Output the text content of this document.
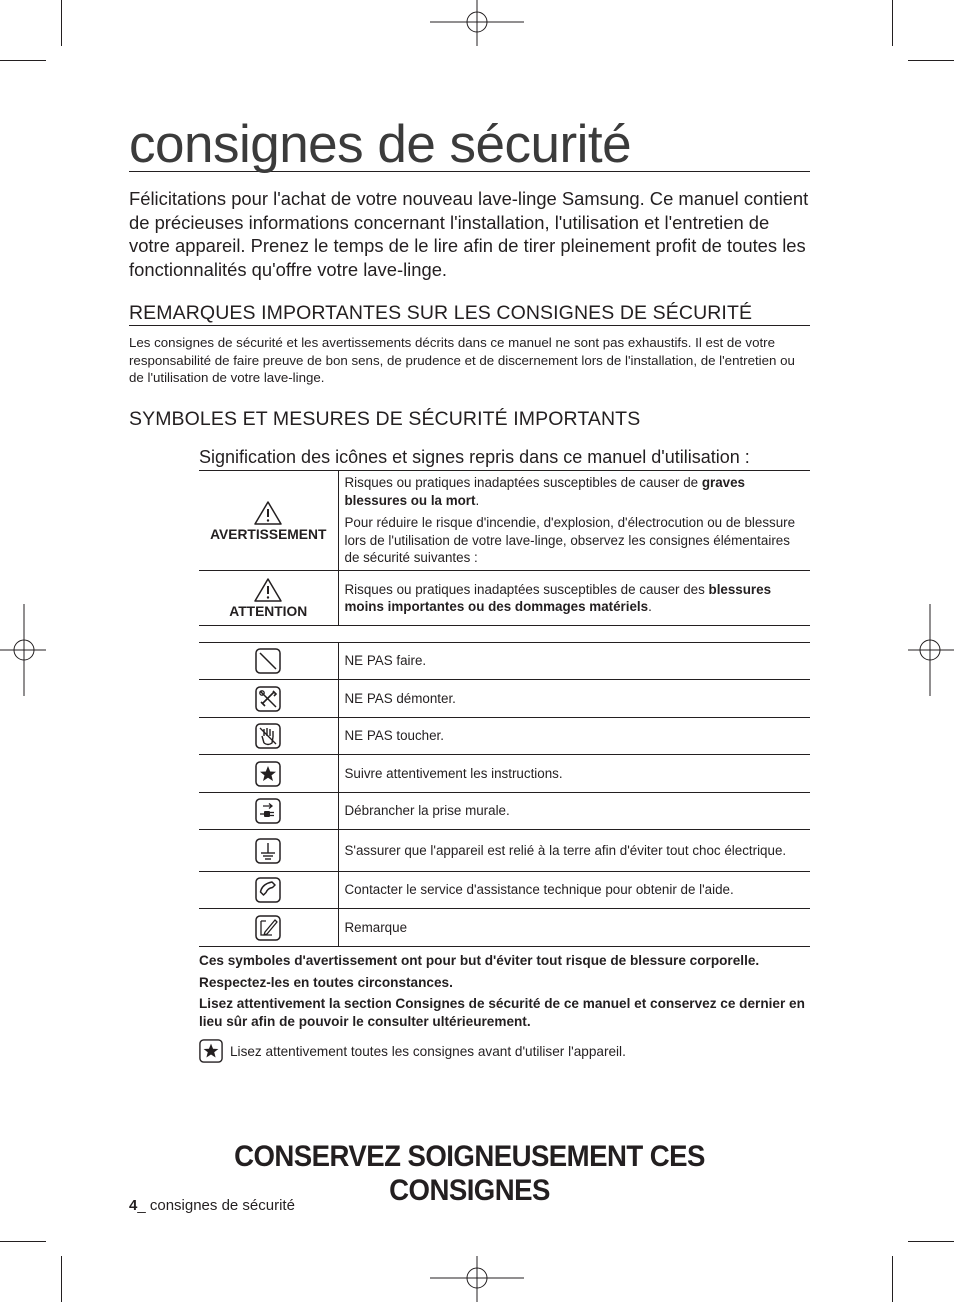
consignes de sécurité

Félicitations pour l'achat de votre nouveau lave-linge Samsung. Ce manuel contient de précieuses informations concernant l'installation, l'utilisation et l'entretien de votre appareil. Prenez le temps de le lire afin de tirer pleinement profit de toutes les fonctionnalités qu'offre votre lave-linge.

REMARQUES IMPORTANTES SUR LES CONSIGNES DE SÉCURITÉ

Les consignes de sécurité et les avertissements décrits dans ce manuel ne sont pas exhaustifs. Il est de votre responsabilité de faire preuve de bon sens, de prudence et de discernement lors de l'installation, de l'entretien ou de l'utilisation de votre lave-linge.

SYMBOLES ET MESURES DE SÉCURITÉ IMPORTANTS

Signification des icônes et signes repris dans ce manuel d'utilisation :

AVERTISSEMENT	Risques ou pratiques inadaptées susceptibles de causer de graves blessures ou la mort.

Pour réduire le risque d'incendie, d'explosion, d'électrocution ou de blessure lors de l'utilisation de votre lave-linge, observez les consignes élémentaires de sécurité suivantes :

ATTENTION	Risques ou pratiques inadaptées susceptibles de causer des blessures moins importantes ou des dommages matériels.

	NE PAS faire.

	NE PAS démonter.

	NE PAS toucher.

	Suivre attentivement les instructions.

	Débrancher la prise murale.

	S'assurer que l'appareil est relié à la terre afin d'éviter tout choc électrique.

	Contacter le service d'assistance technique pour obtenir de l'aide.

	Remarque

Ces symboles d'avertissement ont pour but d'éviter tout risque de blessure corporelle.

Respectez-les en toutes circonstances.

Lisez attentivement la section Consignes de sécurité de ce manuel et conservez ce dernier en lieu sûr afin de pouvoir le consulter ultérieurement.

Lisez attentivement toutes les consignes avant d'utiliser l'appareil.
CONSERVEZ SOIGNEUSEMENT CES CONSIGNES
4_ consignes de sécurité
